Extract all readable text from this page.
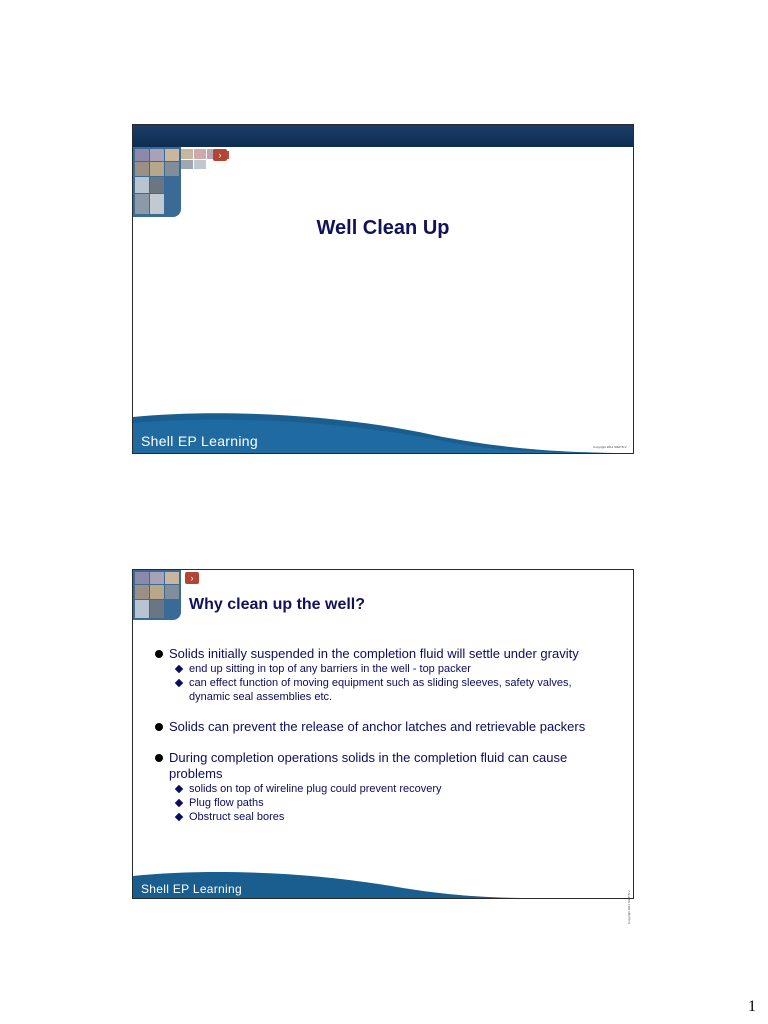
›
Well Clean Up
Shell EP Learning	Copyright 2011 SIEP B.V.
›
Why clean up the well?
Solids initially suspended in the completion fluid will settle under gravity
end up sitting in top of any barriers in the well - top packer
can effect function of moving equipment such as sliding sleeves, safety valves, dynamic seal assemblies etc.
Solids can prevent the release of anchor latches and retrievable packers
During completion operations solids in the completion fluid can cause problems
solids on top of wireline plug could prevent recovery
Plug flow paths
Obstruct seal bores
Shell EP Learning
Copyright 2011 SIEP B.V.
1
